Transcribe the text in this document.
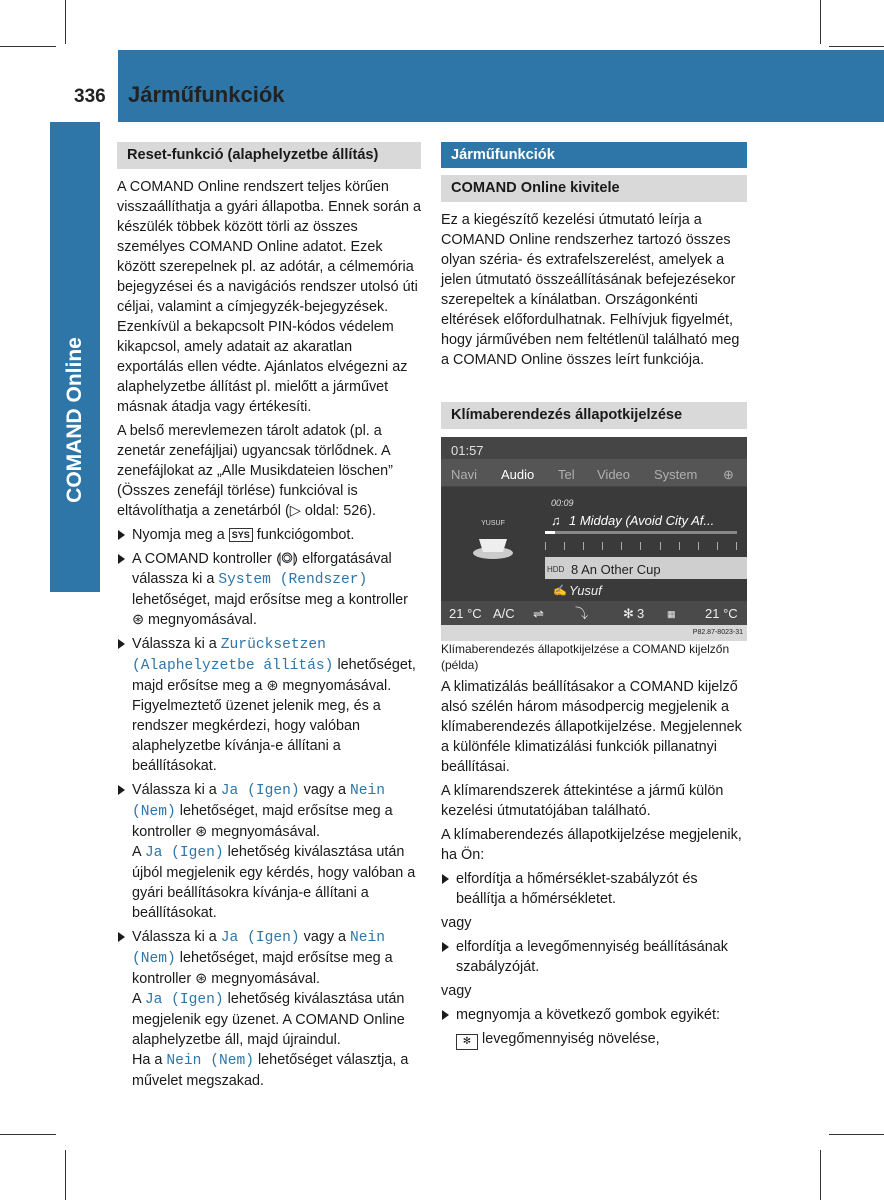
336 Járműfunkciók
COMAND Online
Reset-funkció (alaphelyzetbe állítás)

A COMAND Online rendszert teljes körűen visszaállíthatja a gyári állapotba. Ennek során a készülék többek között törli az összes személyes COMAND Online adatot. Ezek között szerepelnek pl. az adótár, a célmemória bejegyzései és a navigációs rendszer utolsó úti céljai, valamint a címjegyzék-bejegyzések. Ezenkívül a bekapcsolt PIN-kódos védelem kikapcsol, amely adatait az akaratlan exportálás ellen védte. Ajánlatos elvégezni az alaphelyzetbe állítást pl. mielőtt a járművet másnak átadja vagy értékesíti.

A belső merevlemezen tárolt adatok (pl. a zenetár zenefájljai) ugyancsak törlődnek. A zenefájlokat az „Alle Musikdateien löschen” (Összes zenefájl törlése) funkcióval is eltávolíthatja a zenetárból (▷ oldal: 526).

Nyomja meg a SYS funkciógombot.

A COMAND kontroller ⟬◎⟭ elforgatásával válassza ki a System (Rendszer) lehetőséget, majd erősítse meg a kontroller ⊛ megnyomásával.

Válassza ki a Zurücksetzen (Alaphelyzetbe állítás) lehetőséget, majd erősítse meg a ⊛ megnyomásával. Figyelmeztető üzenet jelenik meg, és a rendszer megkérdezi, hogy valóban alaphelyzetbe kívánja-e állítani a beállításokat.

Válassza ki a Ja (Igen) vagy a Nein (Nem) lehetőséget, majd erősítse meg a kontroller ⊛ megnyomásával.
A Ja (Igen) lehetőség kiválasztása után újból megjelenik egy kérdés, hogy valóban a gyári beállításokra kívánja-e állítani a beállításokat.

Válassza ki a Ja (Igen) vagy a Nein (Nem) lehetőséget, majd erősítse meg a kontroller ⊛ megnyomásával.
A Ja (Igen) lehetőség kiválasztása után megjelenik egy üzenet. A COMAND Online alaphelyzetbe áll, majd újraindul.
Ha a Nein (Nem) lehetőséget választja, a művelet megszakad.

Járműfunkciók
COMAND Online kivitele

Ez a kiegészítő kezelési útmutató leírja a COMAND Online rendszerhez tartozó összes olyan széria- és extrafelszerelést, amelyek a jelen útmutató összeállításának befejezésekor szerepeltek a kínálatban. Országonkénti eltérések előfordulhatnak. Felhívjuk figyelmét, hogy járművében nem feltétlenül található meg a COMAND Online összes leírt funkciója.

Klímaberendezés állapotkijelzése
01:57
Navi Audio Tel Video System ⊕
YUSUF
00:09
♫ 1 Midday (Avoid City Af...
HDD 8 An Other Cup
✍ Yusuf
21 °C A/C ⇌ ⤵	✻ 3	▦ 21 °C
P82.87-8023-31

Klímaberendezés állapotkijelzése a COMAND kijelzőn (példa)

A klimatizálás beállításakor a COMAND kijelző alsó szélén három másodpercig megjelenik a klímaberendezés állapotkijelzése. Megjelennek a különféle klimatizálási funkciók pillanatnyi beállításai.

A klímarendszerek áttekintése a jármű külön kezelési útmutatójában található.

A klímaberendezés állapotkijelzése megjelenik, ha Ön:

elfordítja a hőmérséklet-szabályzót és beállítja a hőmérsékletet.

vagy

elfordítja a levegőmennyiség beállításának szabályzóját.

vagy

megnyomja a következő gombok egyikét:

✻ levegőmennyiség növelése,
